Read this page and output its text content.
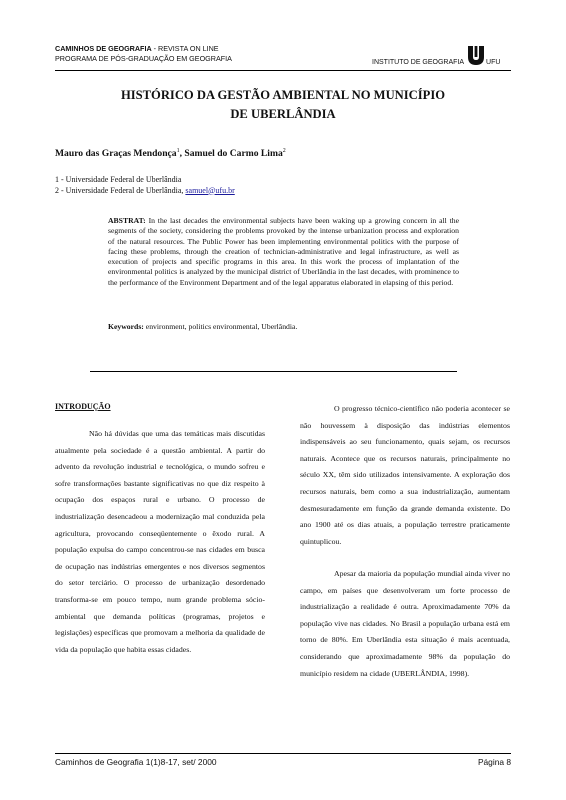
CAMINHOS DE GEOGRAFIA - REVISTA ON LINE
PROGRAMA DE PÓS-GRADUAÇÃO EM GEOGRAFIA	INSTITUTO DE GEOGRAFIA	UFU
HISTÓRICO DA GESTÃO AMBIENTAL NO MUNICÍPIO
DE UBERLÂNDIA
Mauro das Graças Mendonça$^1$, Samuel do Carmo Lima$^2$
1 - Universidade Federal de Uberlândia
2 - Universidade Federal de Uberlândia, samuel@ufu.br
ABSTRAT: In the last decades the environmental subjects have been waking up a growing concern in all the segments of the society, considering the problems provoked by the intense urbanization process and exploration of the natural resources. The Public Power has been implementing environmental politics with the purpose of facing these problems, through the creation of technician-administrative and legal infrastructure, as well as execution of projects and specific programs in this area. In this work the process of implantation of the environmental politics is analyzed by the municipal district of Uberlândia in the last decades, with prominence to the performance of the Environment Department and of the legal apparatus elaborated in elapsing of this period.
Keywords: environment, politics environmental, Uberlândia.
INTRODUÇÃO

Não há dúvidas que uma das temáticas mais discutidas atualmente pela sociedade é a questão ambiental. A partir do advento da revolução industrial e tecnológica, o mundo sofreu e sofre transformações bastante significativas no que diz respeito à ocupação dos espaços rural e urbano. O processo de industrialização desencadeou a modernização mal conduzida pela agricultura, provocando conseqüentemente o êxodo rural. A população expulsa do campo concentrou-se nas cidades em busca de ocupação nas indústrias emergentes e nos diversos segmentos do setor terciário. O processo de urbanização desordenado transforma-se em pouco tempo, num grande problema sócio-ambiental que demanda políticas (programas, projetos e legislações) específicas que promovam a melhoria da qualidade de vida da população que habita essas cidades.

O progresso técnico-científico não poderia acontecer se não houvessem à disposição das indústrias elementos indispensáveis ao seu funcionamento, quais sejam, os recursos naturais. Acontece que os recursos naturais, principalmente no século XX, têm sido utilizados intensivamente. A exploração dos recursos naturais, bem como a sua industrialização, aumentam desmesuradamente em função da grande demanda existente. Do ano 1900 até os dias atuais, a população terrestre praticamente quintuplicou.

Apesar da maioria da população mundial ainda viver no campo, em países que desenvolveram um forte processo de industrialização a realidade é outra. Aproximadamente 70% da população vive nas cidades. No Brasil a população urbana está em torno de 80%. Em Uberlândia esta situação é mais acentuada, considerando que aproximadamente 98% da população do município residem na cidade (UBERLÂNDIA, 1998).

Caminhos de Geografia 1(1)8-17, set/ 2000	Página 8
